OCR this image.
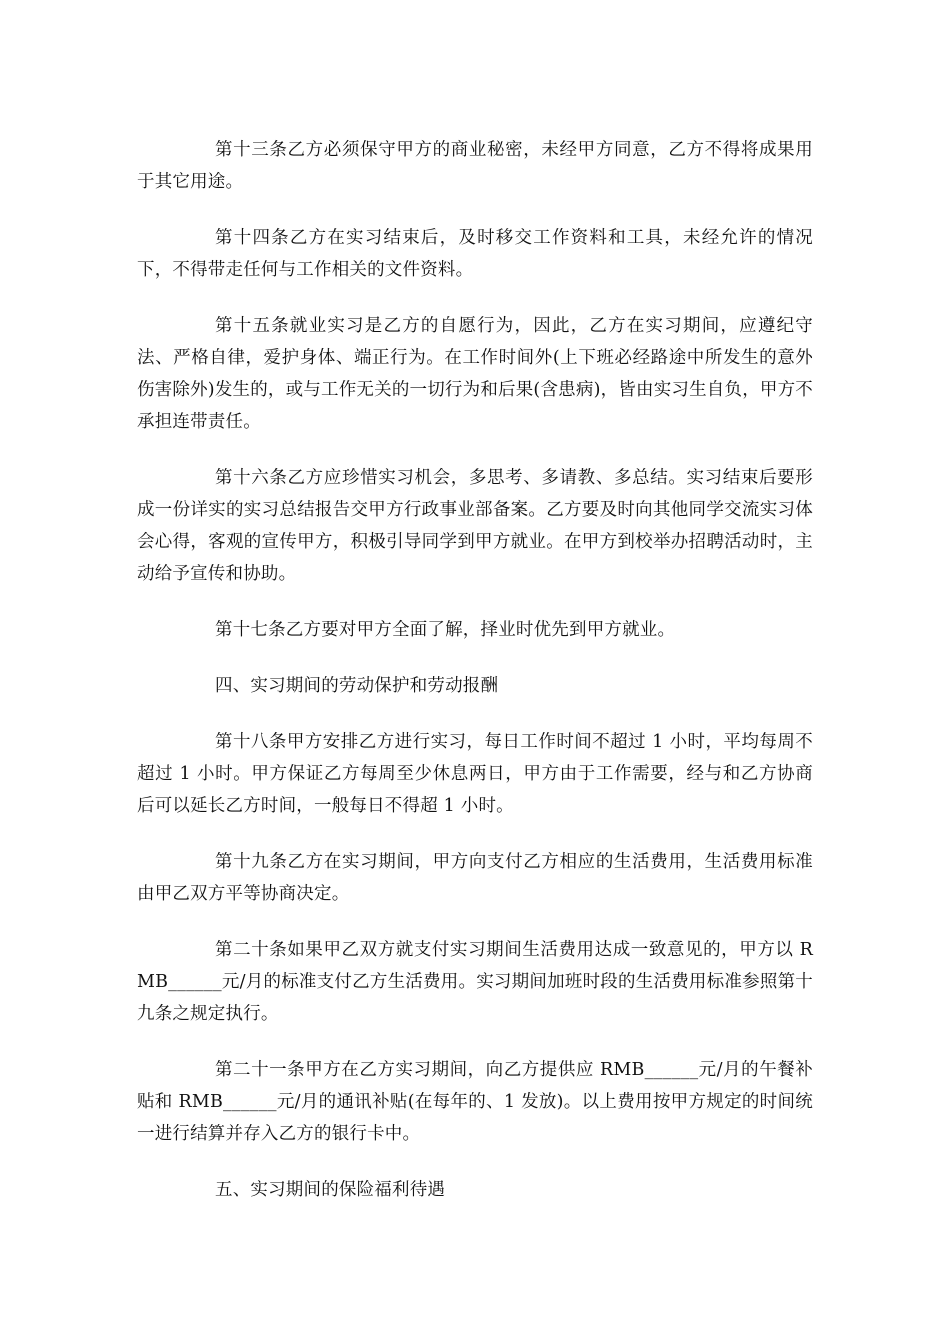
第十三条乙方必须保守甲方的商业秘密，未经甲方同意，乙方不得将成果用于其它用途。

第十四条乙方在实习结束后，及时移交工作资料和工具，未经允许的情况下，不得带走任何与工作相关的文件资料。

第十五条就业实习是乙方的自愿行为，因此，乙方在实习期间，应遵纪守法、严格自律，爱护身体、端正行为。在工作时间外(上下班必经路途中所发生的意外伤害除外)发生的，或与工作无关的一切行为和后果(含患病)，皆由实习生自负，甲方不承担连带责任。

第十六条乙方应珍惜实习机会，多思考、多请教、多总结。实习结束后要形成一份详实的实习总结报告交甲方行政事业部备案。乙方要及时向其他同学交流实习体会心得，客观的宣传甲方，积极引导同学到甲方就业。在甲方到校举办招聘活动时，主动给予宣传和协助。

第十七条乙方要对甲方全面了解，择业时优先到甲方就业。

四、实习期间的劳动保护和劳动报酬

第十八条甲方安排乙方进行实习，每日工作时间不超过 1 小时，平均每周不超过 1 小时。甲方保证乙方每周至少休息两日，甲方由于工作需要，经与和乙方协商后可以延长乙方时间，一般每日不得超 1 小时。

第十九条乙方在实习期间，甲方向支付乙方相应的生活费用，生活费用标准由甲乙双方平等协商决定。

第二十条如果甲乙双方就支付实习期间生活费用达成一致意见的，甲方以 RMB______元/月的标准支付乙方生活费用。实习期间加班时段的生活费用标准参照第十九条之规定执行。

第二十一条甲方在乙方实习期间，向乙方提供应 RMB______元/月的午餐补贴和 RMB______元/月的通讯补贴(在每年的、1 发放)。以上费用按甲方规定的时间统一进行结算并存入乙方的银行卡中。

五、实习期间的保险福利待遇
